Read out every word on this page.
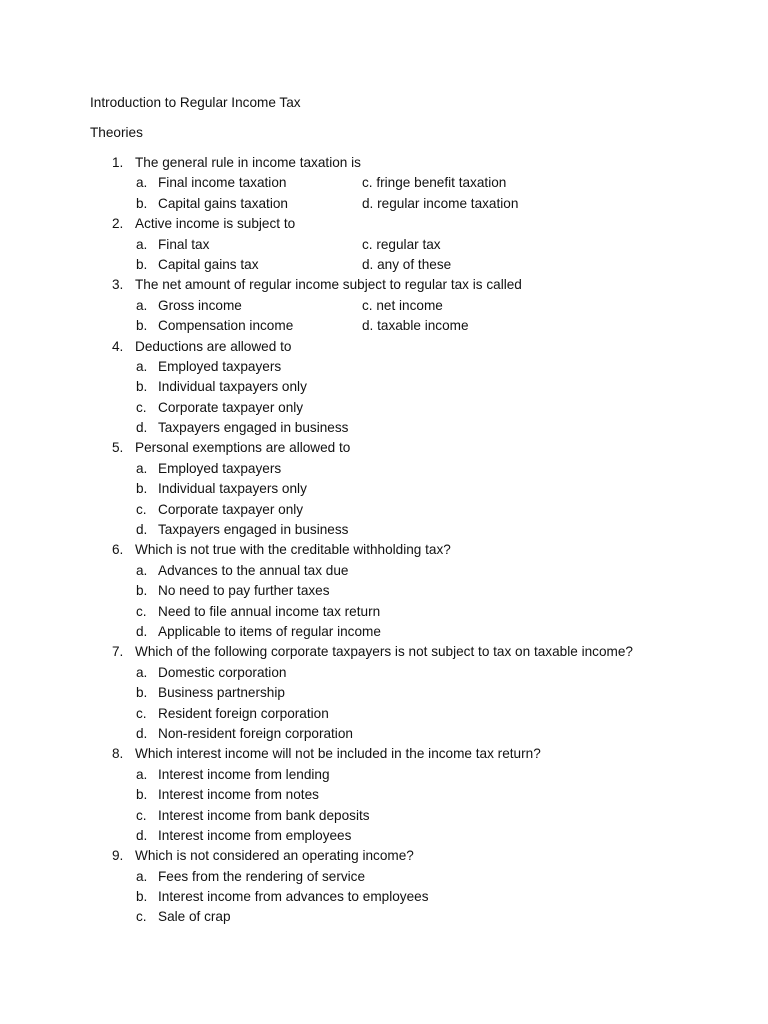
Introduction to Regular Income Tax
Theories
1. The general rule in income taxation is
a. Final income taxation	c. fringe benefit taxation
b. Capital gains taxation	d. regular income taxation
2. Active income is subject to
a. Final tax	c. regular tax
b. Capital gains tax	d. any of these
3. The net amount of regular income subject to regular tax is called
a. Gross income	c. net income
b. Compensation income	d. taxable income
4. Deductions are allowed to
a. Employed taxpayers
b. Individual taxpayers only
c. Corporate taxpayer only
d. Taxpayers engaged in business
5. Personal exemptions are allowed to
a. Employed taxpayers
b. Individual taxpayers only
c. Corporate taxpayer only
d. Taxpayers engaged in business
6. Which is not true with the creditable withholding tax?
a. Advances to the annual tax due
b. No need to pay further taxes
c. Need to file annual income tax return
d. Applicable to items of regular income
7. Which of the following corporate taxpayers is not subject to tax on taxable income?
a. Domestic corporation
b. Business partnership
c. Resident foreign corporation
d. Non-resident foreign corporation
8. Which interest income will not be included in the income tax return?
a. Interest income from lending
b. Interest income from notes
c. Interest income from bank deposits
d. Interest income from employees
9. Which is not considered an operating income?
a. Fees from the rendering of service
b. Interest income from advances to employees
c. Sale of crap
